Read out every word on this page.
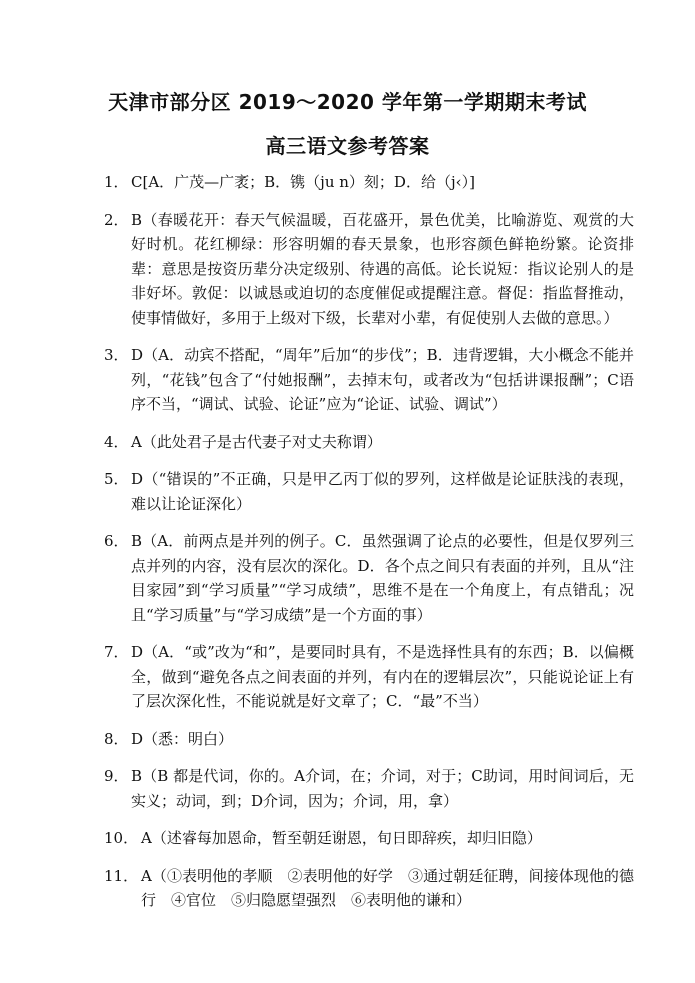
天津市部分区 2019～2020 学年第一学期期末考试
高三语文参考答案
1． C[A．广茂—广袤；B．镌（ju n）刻；D．给（j‹）]
2． B（春暖花开：春天气候温暖，百花盛开，景色优美，比喻游览、观赏的大好时机。花红柳绿：形容明媚的春天景象，也形容颜色鲜艳纷繁。论资排辈：意思是按资历辈分决定级别、待遇的高低。论长说短：指议论别人的是非好坏。敦促：以诚恳或迫切的态度催促或提醒注意。督促：指监督推动，使事情做好，多用于上级对下级，长辈对小辈，有促使别人去做的意思。）
3． D（A．动宾不搭配，“周年”后加“的步伐”；B．违背逻辑，大小概念不能并列，“花钱”包含了“付她报酬”，去掉末句，或者改为“包括讲课报酬”；C语序不当，“调试、试验、论证”应为“论证、试验、调试”）
4． A（此处君子是古代妻子对丈夫称谓）
5． D（“错误的”不正确，只是甲乙丙丁似的罗列，这样做是论证肤浅的表现，难以让论证深化）
6． B（A．前两点是并列的例子。C．虽然强调了论点的必要性，但是仅罗列三点并列的内容，没有层次的深化。D．各个点之间只有表面的并列，且从“注目家园”到“学习质量”“学习成绩”，思维不是在一个角度上，有点错乱；况且“学习质量”与“学习成绩”是一个方面的事）
7． D（A．“或”改为“和”，是要同时具有，不是选择性具有的东西；B．以偏概全，做到“避免各点之间表面的并列，有内在的逻辑层次”，只能说论证上有了层次深化性，不能说就是好文章了；C．“最”不当）
8． D（悉：明白）
9． B（B 都是代词，你的。A介词，在；介词，对于；C助词，用时间词后，无实义；动词，到；D介词，因为；介词，用，拿）
10． A（述睿每加恩命，暂至朝廷谢恩，旬日即辞疾，却归旧隐）
11． A（①表明他的孝顺　②表明他的好学　③通过朝廷征聘，间接体现他的德行　④官位　⑤归隐愿望强烈　⑥表明他的谦和）
